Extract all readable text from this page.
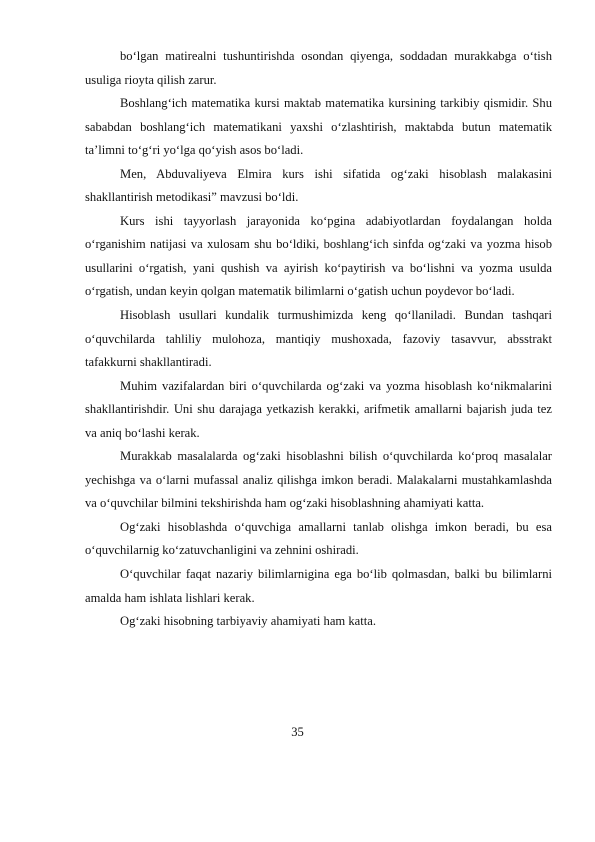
bo‘lgan matirealni tushuntirishda osondan qiyenga, soddadan murakkabga o‘tish usuliga rioyta qilish zarur.

Boshlang‘ich matematika kursi maktab matematika kursining tarkibiy qismidir. Shu sababdan boshlang‘ich matematikani yaxshi o‘zlashtirish, maktabda butun matematik ta’limni to‘g‘ri yo‘lga qo‘yish asos bo‘ladi.

Men, Abduvaliyeva Elmira kurs ishi sifatida og‘zaki hisoblash malakasini shakllantirish metodikasi” mavzusi bo‘ldi.

Kurs ishi tayyorlash jarayonida ko‘pgina adabiyotlardan foydalangan holda o‘rganishim natijasi va xulosam shu bo‘ldiki, boshlang‘ich sinfda og‘zaki va yozma hisob usullarini o‘rgatish, yani qushish va ayirish ko‘paytirish va bo‘lishni va yozma usulda o‘rgatish, undan keyin qolgan matematik bilimlarni o‘gatish uchun poydevor bo‘ladi.

Hisoblash usullari kundalik turmushimizda keng qo‘llaniladi. Bundan tashqari o‘quvchilarda tahliliy mulohoza, mantiqiy mushoxada, fazoviy tasavvur, absstrakt tafakkurni shakllantiradi.

Muhim vazifalardan biri o‘quvchilarda og‘zaki va yozma hisoblash ko‘nikmalarini shakllantirishdir. Uni shu darajaga yetkazish kerakki, arifmetik amallarni bajarish juda tez va aniq bo‘lashi kerak.

Murakkab masalalarda og‘zaki hisoblashni bilish o‘quvchilarda ko‘proq masalalar yechishga va o‘larni mufassal analiz qilishga imkon beradi. Malakalarni mustahkamlashda va o‘quvchilar bilmini tekshirishda ham og‘zaki hisoblashning ahamiyati katta.

Og‘zaki hisoblashda o‘quvchiga amallarni tanlab olishga imkon beradi, bu esa o‘quvchilarnig ko‘zatuvchanligini va zehnini oshiradi.

O‘quvchilar faqat nazariy bilimlarnigina ega bo‘lib qolmasdan, balki bu bilimlarni amalda ham ishlata lishlari kerak.

Og‘zaki hisobning tarbiyaviy ahamiyati ham katta.

35
